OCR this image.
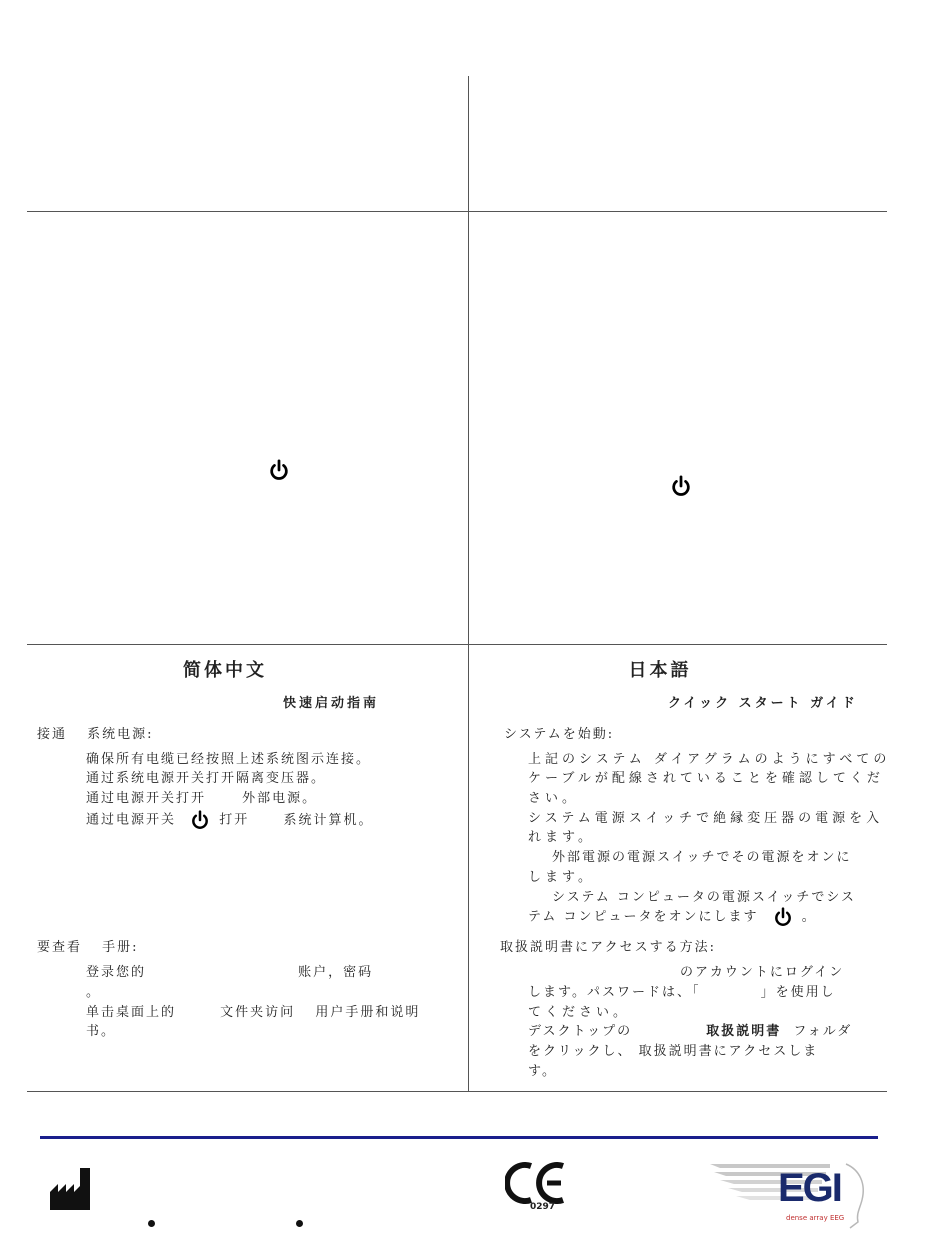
简体中文
快速启动指南
接通 系统电源:
确保所有电缆已经按照上述系统图示连接。
通过系统电源开关打开隔离变压器。
通过电源开关打开	外部电源。
通过电源开关	打开	系统计算机。
要查看 手册:
登录您的	账户，密码
。
单击桌面上的	文件夹访问 用户手册和说明
书。
日本語
クイック スタート ガイド
システムを始動:
上記のシステム ダイアグラムのようにすべての
ケーブルが配線されていることを確認してくだ
さい。
システム電源スイッチで絶縁変圧器の電源を入
れます。
外部電源の電源スイッチでその電源をオンに
します。
システム コンピュータの電源スイッチでシス
テム コンピュータをオンにします	。
取扱説明書にアクセスする方法:
のアカウントにログイン
します。パスワードは、「	」を使用し
てください。
デスクトップの	取扱説明書 フォルダ
をクリックし、 取扱説明書にアクセスしま
す。
0297	EGI
dense array EEG
